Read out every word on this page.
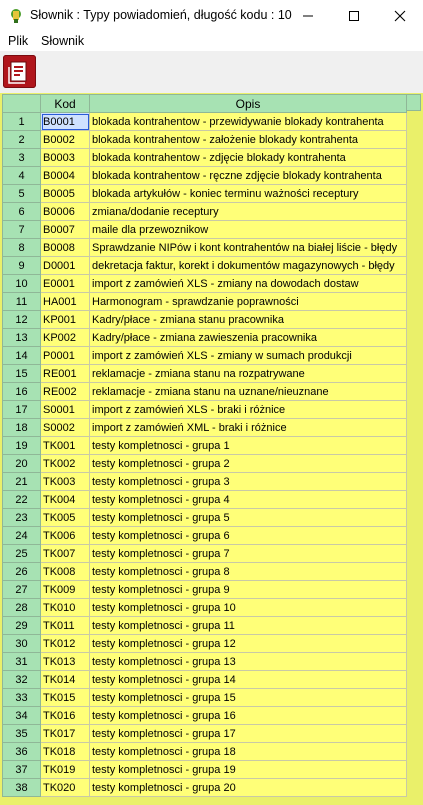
Słownik : Typy powiadomień, długość kodu : 10
Plik Słownik
	Kod	Opis
1	B0001	blokada kontrahentow - przewidywanie blokady kontrahenta
2	B0002	blokada kontrahentow - założenie blokady kontrahenta
3	B0003	blokada kontrahentow - zdjęcie blokady kontrahenta
4	B0004	blokada kontrahentow - ręczne zdjęcie blokady kontrahenta
5	B0005	blokada artykułów - koniec terminu ważności receptury
6	B0006	zmiana/dodanie receptury
7	B0007	maile dla przewoznikow
8	B0008	Sprawdzanie NIPów i kont kontrahentów na białej liście - błędy
9	D0001	dekretacja faktur, korekt i dokumentów magazynowych - błędy
10	E0001	import z zamówień XLS - zmiany na dowodach dostaw
11	HA001	Harmonogram - sprawdzanie poprawności
12	KP001	Kadry/płace - zmiana stanu pracownika
13	KP002	Kadry/płace - zmiana zawieszenia pracownika
14	P0001	import z zamówień XLS - zmiany w sumach produkcji
15	RE001	reklamacje - zmiana stanu na rozpatrywane
16	RE002	reklamacje - zmiana stanu na uznane/nieuznane
17	S0001	import z zamówień XLS - braki i różnice
18	S0002	import z zamówień XML - braki i różnice
19	TK001	testy kompletnosci - grupa 1
20	TK002	testy kompletnosci - grupa 2
21	TK003	testy kompletnosci - grupa 3
22	TK004	testy kompletnosci - grupa 4
23	TK005	testy kompletnosci - grupa 5
24	TK006	testy kompletnosci - grupa 6
25	TK007	testy kompletnosci - grupa 7
26	TK008	testy kompletnosci - grupa 8
27	TK009	testy kompletnosci - grupa 9
28	TK010	testy kompletnosci - grupa 10
29	TK011	testy kompletnosci - grupa 11
30	TK012	testy kompletnosci - grupa 12
31	TK013	testy kompletnosci - grupa 13
32	TK014	testy kompletnosci - grupa 14
33	TK015	testy kompletnosci - grupa 15
34	TK016	testy kompletnosci - grupa 16
35	TK017	testy kompletnosci - grupa 17
36	TK018	testy kompletnosci - grupa 18
37	TK019	testy kompletnosci - grupa 19
38	TK020	testy kompletnosci - grupa 20
